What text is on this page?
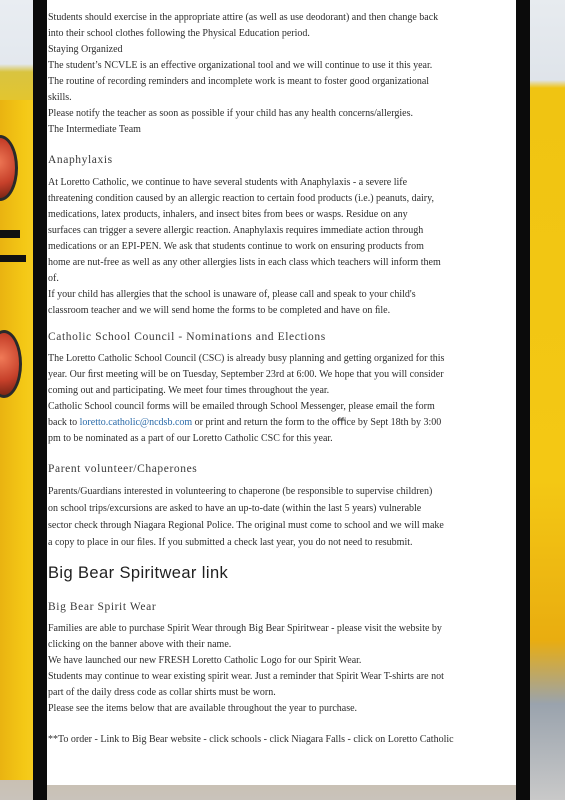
Students should exercise in the appropriate attire (as well as use deodorant) and then change back

into their school clothes following the Physical Education period.

Staying Organized

The student’s NCVLE is an effective organizational tool and we will continue to use it this year.

The routine of recording reminders and incomplete work is meant to foster good organizational

skills.

Please notify the teacher as soon as possible if your child has any health concerns/allergies.

The Intermediate Team

Anaphylaxis

At Loretto Catholic, we continue to have several students with Anaphylaxis - a severe life

threatening condition caused by an allergic reaction to certain food products (i.e.) peanuts, dairy,

medications, latex products, inhalers, and insect bites from bees or wasps. Residue on any

surfaces can trigger a severe allergic reaction. Anaphylaxis requires immediate action through

medications or an EPI-PEN. We ask that students continue to work on ensuring products from

home are nut-free as well as any other allergies lists in each class which teachers will inform them

of.

If your child has allergies that the school is unaware of, please call and speak to your child's

classroom teacher and we will send home the forms to be completed and have on ﬁle.

Catholic School Council - Nominations and Elections

The Loretto Catholic School Council (CSC) is already busy planning and getting organized for this

year. Our ﬁrst meeting will be on Tuesday, September 23rd at 6:00. We hope that you will consider

coming out and participating. We meet four times throughout the year.

Catholic School council forms will be emailed through School Messenger, please email the form

back to loretto.catholic@ncdsb.com or print and return the form to the oﬃce by Sept 18th by 3:00

pm to be nominated as a part of our Loretto Catholic CSC for this year.

Parent volunteer/Chaperones

Parents/Guardians interested in volunteering to chaperone (be responsible to supervise children)

on school trips/excursions are asked to have an up-to-date (within the last 5 years) vulnerable

sector check through Niagara Regional Police. The original must come to school and we will make

a copy to place in our ﬁles. If you submitted a check last year, you do not need to resubmit.

Big Bear Spiritwear link

Big Bear Spirit Wear

Families are able to purchase Spirit Wear through Big Bear Spiritwear - please visit the website by

clicking on the banner above with their name.

We have launched our new FRESH Loretto Catholic Logo for our Spirit Wear.

Students may continue to wear existing spirit wear. Just a reminder that Spirit Wear T-shirts are not

part of the daily dress code as collar shirts must be worn.

Please see the items below that are available throughout the year to purchase.

**To order - Link to Big Bear website - click schools - click Niagara Falls - click on Loretto Catholic
